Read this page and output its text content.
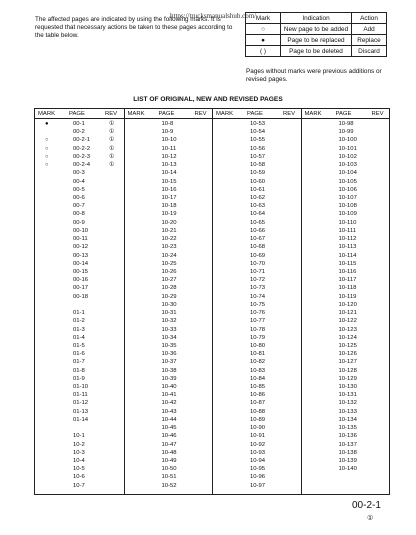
The affected pages are indicated by using the following marks. It is requested that necessary actions be taken to these pages according to the table below.
https://trucksmanualshub.com/ Mark	Indication	Action
○	New page to be added	Add
●	Page to be replaced	Replace
( )	Page to be deleted	Discard
Pages without marks were previous additions or revised pages.
LIST OF ORIGINAL, NEW AND REVISED PAGES
MARK PAGE	REV
●	00-1	①
00-2	①
○	00-2-1	①
○	00-2-2	①
○	00-2-3	①
○	00-2-4	①
00-3
00-4
00-5
00-6
00-7
00-8
00-9
00-10
00-11
00-12
00-13
00-14
00-15
00-16
00-17
00-18
01-1
01-2
01-3
01-4
01-5
01-6
01-7
01-8
01-9
01-10
01-11
01-12
01-13
01-14
10-1
10-2
10-3
10-4
10-5
10-6
10-7
MARK PAGE	REV
10-8
10-9
10-10
10-11
10-12
10-13
10-14
10-15
10-16
10-17
10-18
10-19
10-20
10-21
10-22
10-23
10-24
10-25
10-26
10-27
10-28
10-29
10-30
10-31
10-32
10-33
10-34
10-35
10-36
10-37
10-38
10-39
10-40
10-41
10-42
10-43
10-44
10-45
10-46
10-47
10-48
10-49
10-50
10-51
10-52
MARK PAGE	REV
10-53
10-54
10-55
10-56
10-57
10-58
10-59
10-60
10-61
10-62
10-63
10-64
10-65
10-66
10-67
10-68
10-69
10-70
10-71
10-72
10-73
10-74
10-75
10-76
10-77
10-78
10-79
10-80
10-81
10-82
10-83
10-84
10-85
10-86
10-87
10-88
10-89
10-90
10-91
10-92
10-93
10-94
10-95
10-96
10-97
MARK PAGE	REV
10-98
10-99
10-100
10-101
10-102
10-103
10-104
10-105
10-106
10-107
10-108
10-109
10-110
10-111
10-112
10-113
10-114
10-115
10-116
10-117
10-118
10-119
10-120
10-121
10-122
10-123
10-124
10-125
10-126
10-127
10-128
10-129
10-130
10-131
10-132
10-133
10-134
10-135
10-136
10-137
10-138
10-139
10-140
00-2-1
①
